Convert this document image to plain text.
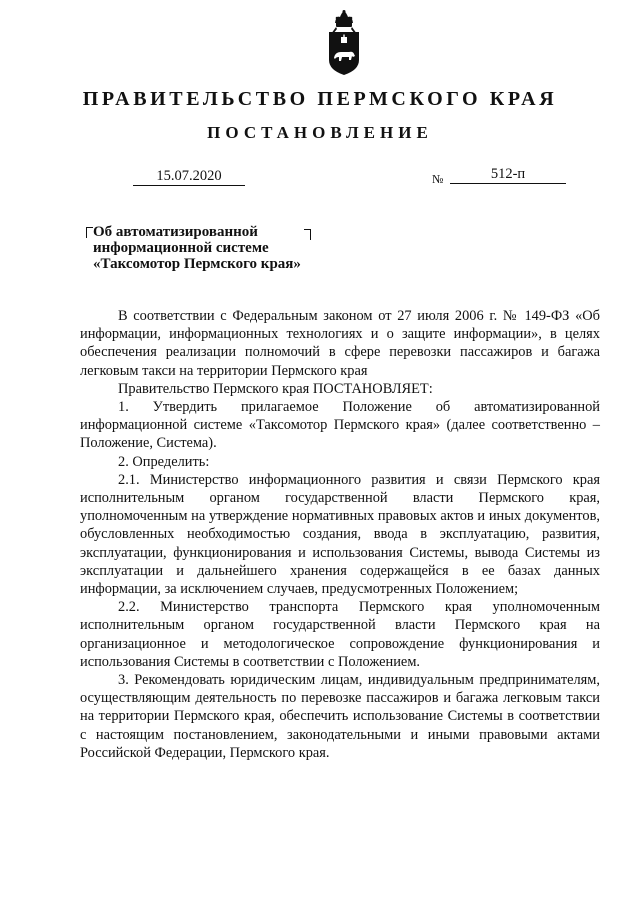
ПРАВИТЕЛЬСТВО ПЕРМСКОГО КРАЯ
ПОСТАНОВЛЕНИЕ
15.07.2020	№	512-п
Об автоматизированной
информационной системе
«Таксомотор Пермского края»

В соответствии с Федеральным законом от 27 июля 2006 г. № 149-ФЗ «Об информации, информационных технологиях и о защите информации», в целях обеспечения реализации полномочий в сфере перевозки пассажиров и багажа легковым такси на территории Пермского края

Правительство Пермского края ПОСТАНОВЛЯЕТ:

1. Утвердить прилагаемое Положение об автоматизированной информационной системе «Таксомотор Пермского края» (далее соответственно – Положение, Система).

2. Определить:

2.1. Министерство информационного развития и связи Пермского края исполнительным органом государственной власти Пермского края, уполномоченным на утверждение нормативных правовых актов и иных документов, обусловленных необходимостью создания, ввода в эксплуатацию, развития, эксплуатации, функционирования и использования Системы, вывода Системы из эксплуатации и дальнейшего хранения содержащейся в ее базах данных информации, за исключением случаев, предусмотренных Положением;

2.2. Министерство транспорта Пермского края уполномоченным исполнительным органом государственной власти Пермского края на организационное и методологическое сопровождение функционирования и использования Системы в соответствии с Положением.

3. Рекомендовать юридическим лицам, индивидуальным предпринимателям, осуществляющим деятельность по перевозке пассажиров и багажа легковым такси на территории Пермского края, обеспечить использование Системы в соответствии с настоящим постановлением, законодательными и иными правовыми актами Российской Федерации, Пермского края.
